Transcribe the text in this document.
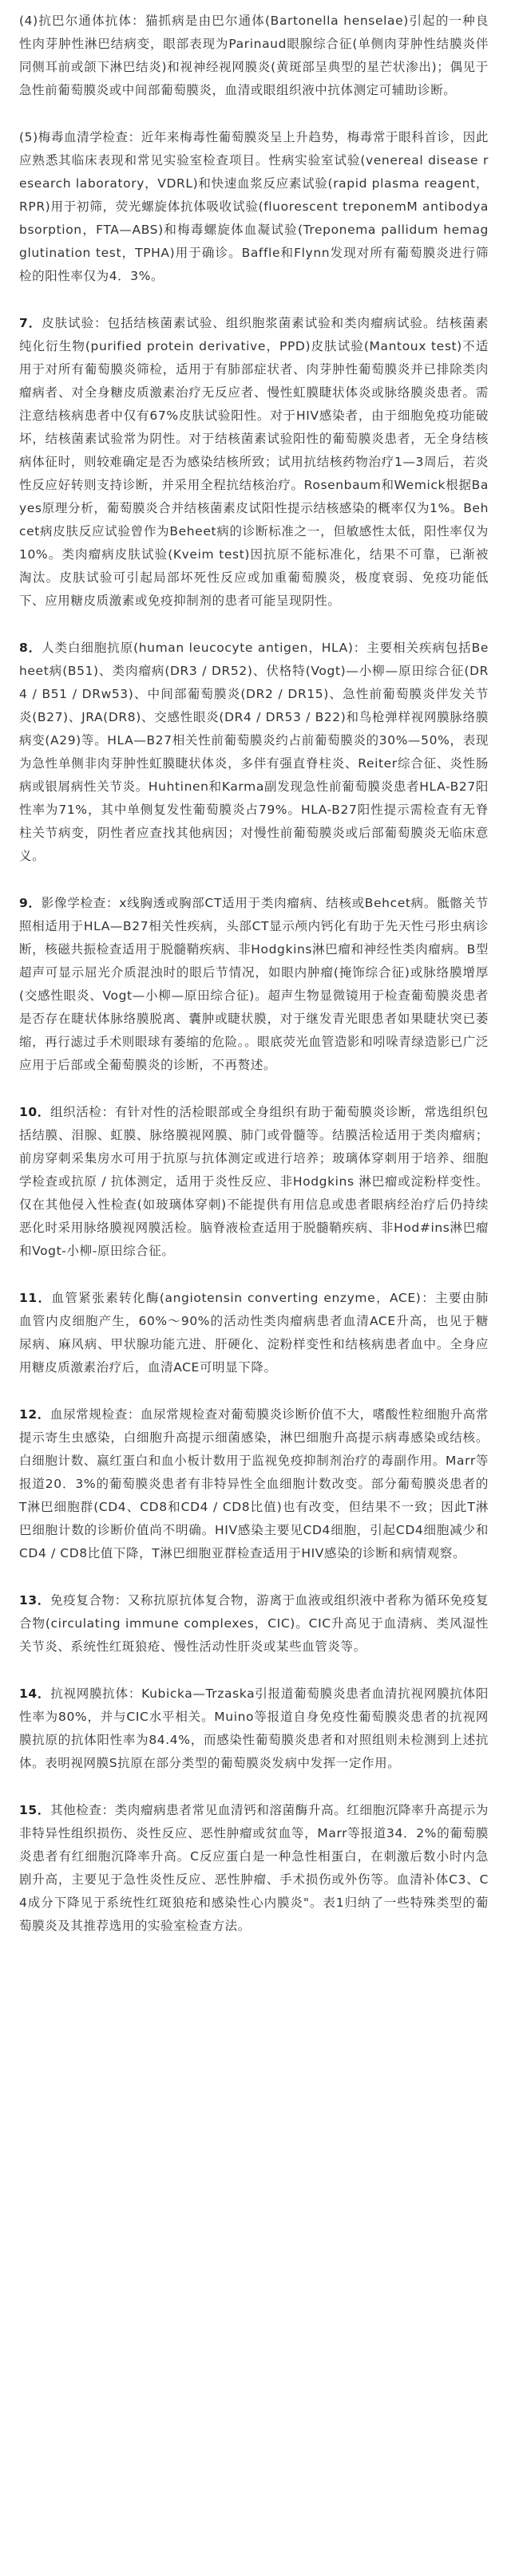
(4)抗巴尔通体抗体：猫抓病是由巴尔通体(Bartonella henselae)引起的一种良性肉芽肿性淋巴结病变，眼部表现为Parinaud眼腺综合征(单侧肉芽肿性结膜炎伴同侧耳前或颌下淋巴结炎)和视神经视网膜炎(黄斑部呈典型的星芒状渗出)；偶见于急性前葡萄膜炎或中间部葡萄膜炎，血清或眼组织液中抗体测定可辅助诊断。

(5)梅毒血清学检查：近年来梅毒性葡萄膜炎呈上升趋势，梅毒常于眼科首诊，因此应熟悉其临床表现和常见实验室检查项目。性病实验室试验(venereal disease research laboratory，VDRL)和快速血浆反应素试验(rapid plasma reagent，RPR)用于初筛，荧光螺旋体抗体吸收试验(fluorescent treponemM antibodyabsorption，FTA—ABS)和梅毒螺旋体血凝试验(Treponema pallidum hemagglutination test，TPHA)用于确诊。Baffle和Flynn发现对所有葡萄膜炎进行筛检的阳性率仅为4．3%。

7．皮肤试验：包括结核菌素试验、组织胞浆菌素试验和类肉瘤病试验。结核菌素纯化衍生物(purified protein derivative，PPD)皮肤试验(Mantoux test)不适用于对所有葡萄膜炎筛检，适用于有肺部症状者、肉芽肿性葡萄膜炎并已排除类肉瘤病者、对全身糖皮质激素治疗无反应者、慢性虹膜睫状体炎或脉络膜炎患者。需注意结核病患者中仅有67%皮肤试验阳性。对于HIV感染者，由于细胞免疫功能破坏，结核菌素试验常为阴性。对于结核菌素试验阳性的葡萄膜炎患者，无全身结核病体征时，则较难确定是否为感染结核所致；试用抗结核药物治疗1—3周后，若炎性反应好转则支持诊断，并采用全程抗结核治疗。Rosenbaum和Wemick根据Bayes原理分析，葡萄膜炎合并结核菌素皮试阳性提示结核感染的概率仅为1%。Behcet病皮肤反应试验曾作为Beheet病的诊断标准之一，但敏感性太低，阳性率仅为10%。类肉瘤病皮肤试验(Kveim test)因抗原不能标准化，结果不可靠，已渐被淘汰。皮肤试验可引起局部坏死性反应或加重葡萄膜炎，极度衰弱、免疫功能低下、应用糖皮质激素或免疫抑制剂的患者可能呈现阴性。

8．人类白细胞抗原(human leucocyte antigen，HLA)：主要相关疾病包括Beheet病(B51)、类肉瘤病(DR3 / DR52)、伏格特(Vogt)—小柳—原田综合征(DR4 / B51 / DRw53)、中间部葡萄膜炎(DR2 / DR15)、急性前葡萄膜炎伴发关节炎(B27)、JRA(DR8)、交感性眼炎(DR4 / DR53 / B22)和鸟枪弹样视网膜脉络膜病变(A29)等。HLA—B27相关性前葡萄膜炎约占前葡萄膜炎的30%—50%，表现为急性单侧非肉芽肿性虹膜睫状体炎，多伴有强直脊柱炎、Reiter综合征、炎性肠病或银屑病性关节炎。Huhtinen和Karma副发现急性前葡萄膜炎患者HLA-B27阳性率为71%，其中单侧复发性葡萄膜炎占79%。HLA-B27阳性提示需检查有无脊柱关节病变，阴性者应查找其他病因；对慢性前葡萄膜炎或后部葡萄膜炎无临床意义。

9．影像学检查：x线胸透或胸部CT适用于类肉瘤病、结核或Behcet病。骶髂关节照相适用于HLA—B27相关性疾病，头部CT显示颅内钙化有助于先天性弓形虫病诊断，核磁共振检查适用于脱髓鞘疾病、非Hodgkins淋巴瘤和神经性类肉瘤病。B型超声可显示屈光介质混浊时的眼后节情况，如眼内肿瘤(掩饰综合征)或脉络膜增厚(交感性眼炎、Vogt—小柳—原田综合征)。超声生物显微镜用于检查葡萄膜炎患者是否存在睫状体脉络膜脱离、囊肿或睫状膜，对于继发青光眼患者如果睫状突已萎缩，再行滤过手术则眼球有萎缩的危险。。眼底荧光血管造影和吲哚青绿造影已广泛应用于后部或全葡萄膜炎的诊断，不再赘述。

10．组织活检：有针对性的活检眼部或全身组织有助于葡萄膜炎诊断，常选组织包括结膜、泪腺、虹膜、脉络膜视网膜、肺门或骨髓等。结膜活检适用于类肉瘤病；前房穿刺采集房水可用于抗原与抗体测定或进行培养；玻璃体穿刺用于培养、细胞学检查或抗原 / 抗体测定，适用于炎性反应、非Hodgkins 淋巴瘤或淀粉样变性。仅在其他侵入性检查(如玻璃体穿刺)不能提供有用信息或患者眼病经治疗后仍持续恶化时采用脉络膜视网膜活检。脑脊液检查适用于脱髓鞘疾病、非Hod#ins淋巴瘤和Vogt-小柳-原田综合征。

11．血管紧张素转化酶(angiotensin converting enzyme，ACE)：主要由肺血管内皮细胞产生，60%～90%的活动性类肉瘤病患者血清ACE升高，也见于糖尿病、麻风病、甲状腺功能亢进、肝硬化、淀粉样变性和结核病患者血中。全身应用糖皮质激素治疗后，血清ACE可明显下降。

12．血尿常规检查：血尿常规检查对葡萄膜炎诊断价值不大，嗜酸性粒细胞升高常提示寄生虫感染，白细胞升高提示细菌感染，淋巴细胞升高提示病毒感染或结核。白细胞计数、嬴红蛋白和血小板计数用于监视免疫抑制剂治疗的毒副作用。Marr等报道20．3%的葡萄膜炎患者有非特异性全血细胞计数改变。部分葡萄膜炎患者的T淋巴细胞群(CD4、CD8和CD4 / CD8比值)也有改变，但结果不一致；因此T淋巴细胞计数的诊断价值尚不明确。HIV感染主要见CD4细胞，引起CD4细胞减少和CD4 / CD8比值下降，T淋巴细胞亚群检查适用于HIV感染的诊断和病情观察。

13．免疫复合物：又称抗原抗体复合物，游离于血液或组织液中者称为循环免疫复合物(circulating immune complexes，CIC)。CIC升高见于血清病、类风湿性关节炎、系统性红斑狼疮、慢性活动性肝炎或某些血管炎等。

14．抗视网膜抗体：Kubicka—Trzaska引报道葡萄膜炎患者血清抗视网膜抗体阳性率为80%，并与CIC水平相关。Muino等报道自身免疫性葡萄膜炎患者的抗视网膜抗原的抗体阳性率为84.4%，而感染性葡萄膜炎患者和对照组则未检测到上述抗体。表明视网膜S抗原在部分类型的葡萄膜炎发病中发挥一定作用。

15．其他检查：类肉瘤病患者常见血清钙和溶菌酶升高。红细胞沉降率升高提示为非特异性组织损伤、炎性反应、恶性肿瘤或贫血等，Marr等报道34．2%的葡萄膜炎患者有红细胞沉降率升高。C反应蛋白是一种急性相蛋白，在刺激后数小时内急剧升高，主要见于急性炎性反应、恶性肿瘤、手术损伤或外伤等。血清补体C3、C4成分下降见于系统性红斑狼疮和感染性心内膜炎"。表1归纳了一些特殊类型的葡萄膜炎及其推荐选用的实验室检查方法。
